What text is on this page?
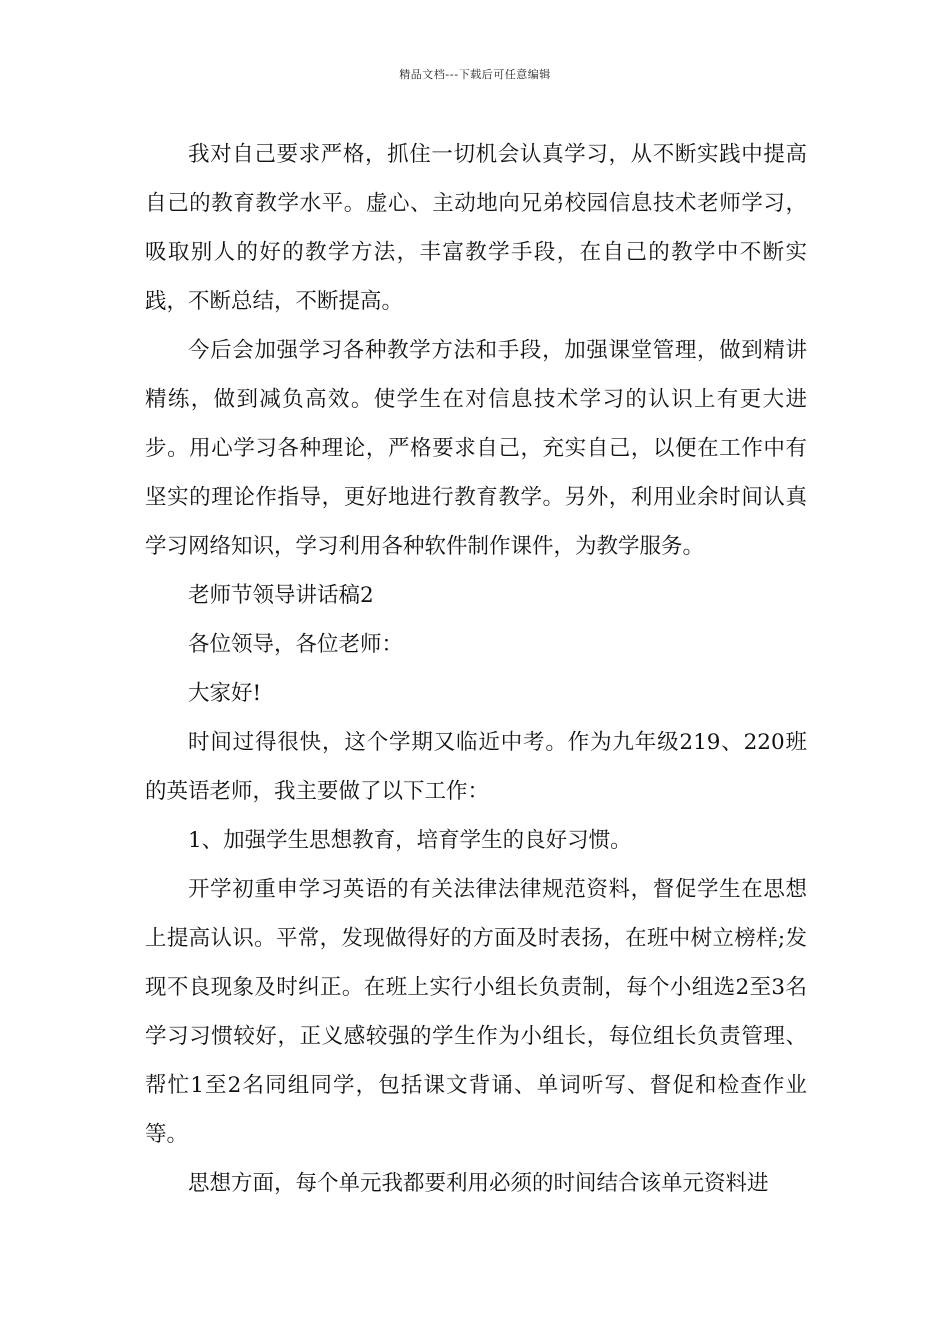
精品文档---下载后可任意编辑

我对自己要求严格，抓住一切机会认真学习，从不断实践中提高自己的教育教学水平。虚心、主动地向兄弟校园信息技术老师学习，吸取别人的好的教学方法，丰富教学手段，在自己的教学中不断实践，不断总结，不断提高。

今后会加强学习各种教学方法和手段，加强课堂管理，做到精讲精练，做到减负高效。使学生在对信息技术学习的认识上有更大进步。用心学习各种理论，严格要求自己，充实自己，以便在工作中有坚实的理论作指导，更好地进行教育教学。另外，利用业余时间认真学习网络知识，学习利用各种软件制作课件，为教学服务。

老师节领导讲话稿2

各位领导，各位老师：

大家好!

时间过得很快，这个学期又临近中考。作为九年级219、220班的英语老师，我主要做了以下工作：

1、加强学生思想教育，培育学生的良好习惯。

开学初重申学习英语的有关法律法律规范资料，督促学生在思想上提高认识。平常，发现做得好的方面及时表扬，在班中树立榜样;发现不良现象及时纠正。在班上实行小组长负责制，每个小组选2至3名学习习惯较好，正义感较强的学生作为小组长，每位组长负责管理、帮忙1至2名同组同学，包括课文背诵、单词听写、督促和检查作业等。

思想方面，每个单元我都要利用必须的时间结合该单元资料进
